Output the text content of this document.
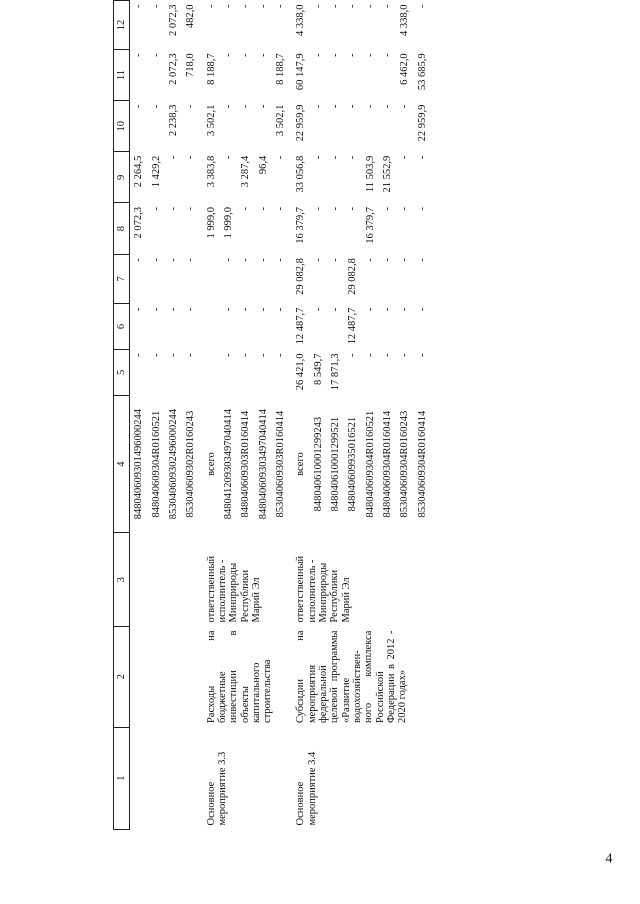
4
1	2	3	4	5	6	7	8	9	10	11	12
			848040609301496000244	-	-	-	2 072,3	2 264,5	-	-	-
			848040609304R0160521	-	-	-	-	1 429,2	-	-	-
			853040609302496000244	-	-	-	-	-	2 238,3	2 072,3	2 072,3
			853040609302R0160243	-	-	-	-	-	-	718,0	482,0
Основное мероприятие 3.3	Расходы на бюджетные инвестиции в объекты капитального строительства	ответственный исполнитель - Минприроды Республики Марий Эл	всего				1 999,0	3 383,8	3 502,1	8 188,7	-
			848041209303497040414	-	-	-	1 999,0	-	-	-	-
			848040609303R0160414	-	-	-	-	3 287,4	-	-	-
			848040609303497040414	-	-	-	-	96,4	-	-	-
			853040609303R0160414	-	-	-	-	-	3 502,1	8 188,7	-
Основное мероприятие 3.4	Субсидии на мероприятия федеральной целевой программы «Развитие водохозяйствен-ного комплекса Российской Федерации в 2012 - 2020 годах»	ответственный исполнитель - Минприроды Республики Марий Эл	всего	26 421,0	12 487,7	29 082,8	16 379,7	33 056,8	22 959,9	60 147,9	4 338,0
			848040610001299243	8 549,7	-	-	-	-	-	-	-
			848040610001299521	17 871,3	-	-	-	-	-	-	-
			848040609935016521	-	12 487,7	29 082,8	-	-	-	-	-
			848040609304R0160521	-	-	-	16 379,7	11 503,9	-	-	-
			848040609304R0160414	-	-	-	-	21 552,9	-	-	-
			853040609304R0160243	-	-	-	-	-	-	6 462,0	4 338,0
			853040609304R0160414	-	-	-	-	-	22 959,9	53 685,9	-
